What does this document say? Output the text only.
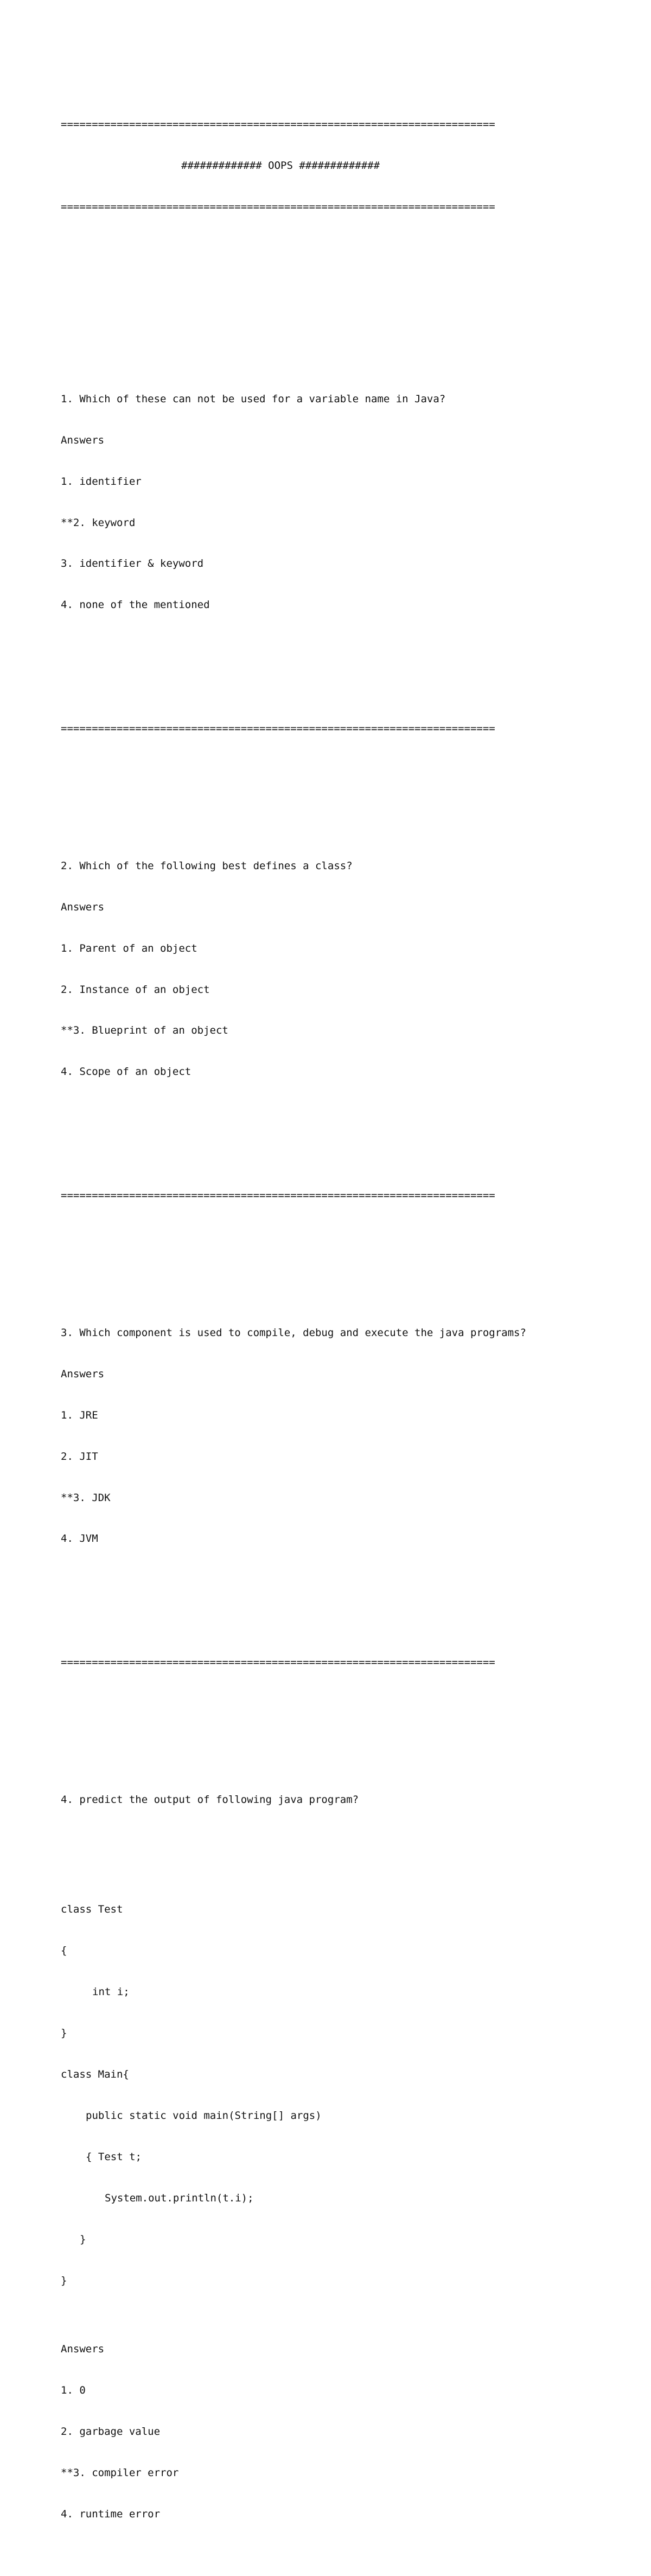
======================================================================

############# OOPS #############

======================================================================

1. Which of these can not be used for a variable name in Java?

Answers

1. identifier

**2. keyword

3. identifier & keyword

4. none of the mentioned

======================================================================

2. Which of the following best defines a class?

Answers

1. Parent of an object

2. Instance of an object

**3. Blueprint of an object

4. Scope of an object

======================================================================

3. Which component is used to compile, debug and execute the java programs?

Answers

1. JRE

2. JIT

**3. JDK

4. JVM

======================================================================

4. predict the output of following java program?

class Test

{

int i;

}

class Main{

public static void main(String[] args)

{ Test t;

System.out.println(t.i);

}

}

Answers

1. 0

2. garbage value

**3. compiler error

4. runtime error
